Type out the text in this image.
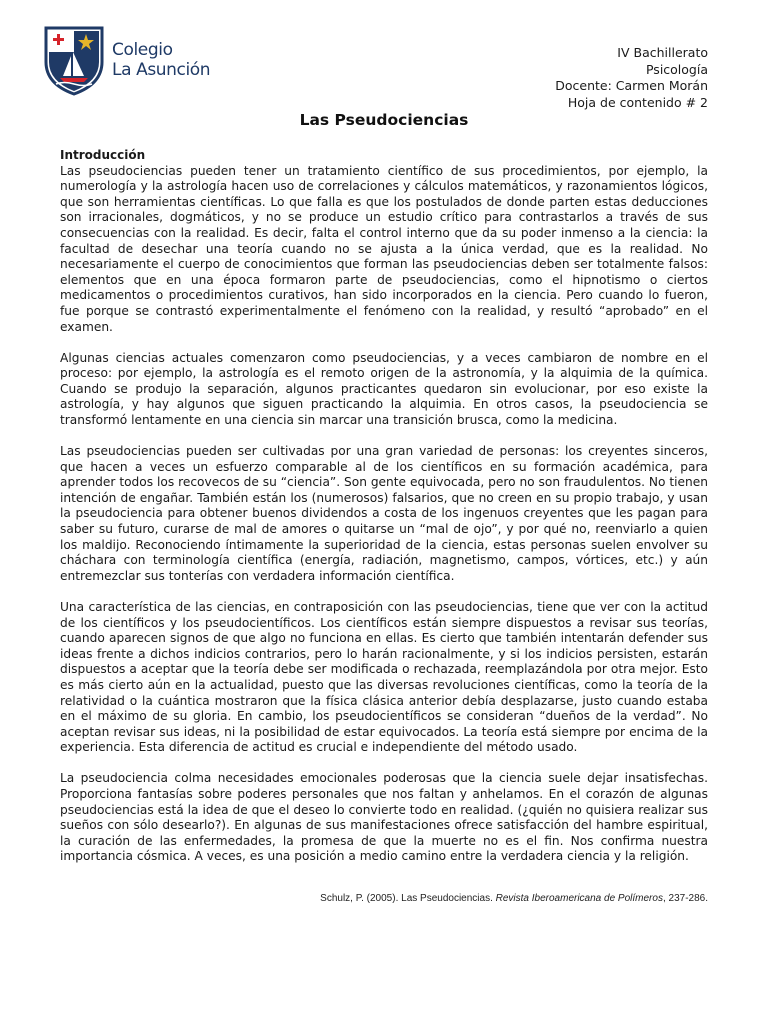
Colegio
La Asunción
IV Bachillerato
Psicología
Docente: Carmen Morán
Hoja de contenido # 2
Las Pseudociencias
Introducción

Las pseudociencias pueden tener un tratamiento científico de sus procedimientos, por ejemplo, la numerología y la astrología hacen uso de correlaciones y cálculos matemáticos, y razonamientos lógicos, que son herramientas científicas. Lo que falla es que los postulados de donde parten estas deducciones son irracionales, dogmáticos, y no se produce un estudio crítico para contrastarlos a través de sus consecuencias con la realidad. Es decir, falta el control interno que da su poder inmenso a la ciencia: la facultad de desechar una teoría cuando no se ajusta a la única verdad, que es la realidad. No necesariamente el cuerpo de conocimientos que forman las pseudociencias deben ser totalmente falsos: elementos que en una época formaron parte de pseudociencias, como el hipnotismo o ciertos medicamentos o procedimientos curativos, han sido incorporados en la ciencia. Pero cuando lo fueron, fue porque se contrastó experimentalmente el fenómeno con la realidad, y resultó “aprobado” en el examen.

Algunas ciencias actuales comenzaron como pseudociencias, y a veces cambiaron de nombre en el proceso: por ejemplo, la astrología es el remoto origen de la astronomía, y la alquimia de la química. Cuando se produjo la separación, algunos practicantes quedaron sin evolucionar, por eso existe la astrología, y hay algunos que siguen practicando la alquimia. En otros casos, la pseudociencia se transformó lentamente en una ciencia sin marcar una transición brusca, como la medicina.

Las pseudociencias pueden ser cultivadas por una gran variedad de personas: los creyentes sinceros, que hacen a veces un esfuerzo comparable al de los científicos en su formación académica, para aprender todos los recovecos de su “ciencia”. Son gente equivocada, pero no son fraudulentos. No tienen intención de engañar. También están los (numerosos) falsarios, que no creen en su propio trabajo, y usan la pseudociencia para obtener buenos dividendos a costa de los ingenuos creyentes que les pagan para saber su futuro, curarse de mal de amores o quitarse un “mal de ojo”, y por qué no, reenviarlo a quien los maldijo. Reconociendo íntimamente la superioridad de la ciencia, estas personas suelen envolver su cháchara con terminología científica (energía, radiación, magnetismo, campos, vórtices, etc.) y aún entremezclar sus tonterías con verdadera información científica.

Una característica de las ciencias, en contraposición con las pseudociencias, tiene que ver con la actitud de los científicos y los pseudocientíficos. Los científicos están siempre dispuestos a revisar sus teorías, cuando aparecen signos de que algo no funciona en ellas. Es cierto que también intentarán defender sus ideas frente a dichos indicios contrarios, pero lo harán racionalmente, y si los indicios persisten, estarán dispuestos a aceptar que la teoría debe ser modificada o rechazada, reemplazándola por otra mejor. Esto es más cierto aún en la actualidad, puesto que las diversas revoluciones científicas, como la teoría de la relatividad o la cuántica mostraron que la física clásica anterior debía desplazarse, justo cuando estaba en el máximo de su gloria. En cambio, los pseudocientíficos se consideran “dueños de la verdad”. No aceptan revisar sus ideas, ni la posibilidad de estar equivocados. La teoría está siempre por encima de la experiencia. Esta diferencia de actitud es crucial e independiente del método usado.

La pseudociencia colma necesidades emocionales poderosas que la ciencia suele dejar insatisfechas. Proporciona fantasías sobre poderes personales que nos faltan y anhelamos. En el corazón de algunas pseudociencias está la idea de que el deseo lo convierte todo en realidad. (¿quién no quisiera realizar sus sueños con sólo desearlo?). En algunas de sus manifestaciones ofrece satisfacción del hambre espiritual, la curación de las enfermedades, la promesa de que la muerte no es el fin. Nos confirma nuestra importancia cósmica. A veces, es una posición a medio camino entre la verdadera ciencia y la religión.

Schulz, P. (2005). Las Pseudociencias. Revista Iberoamericana de Polímeros, 237-286.
